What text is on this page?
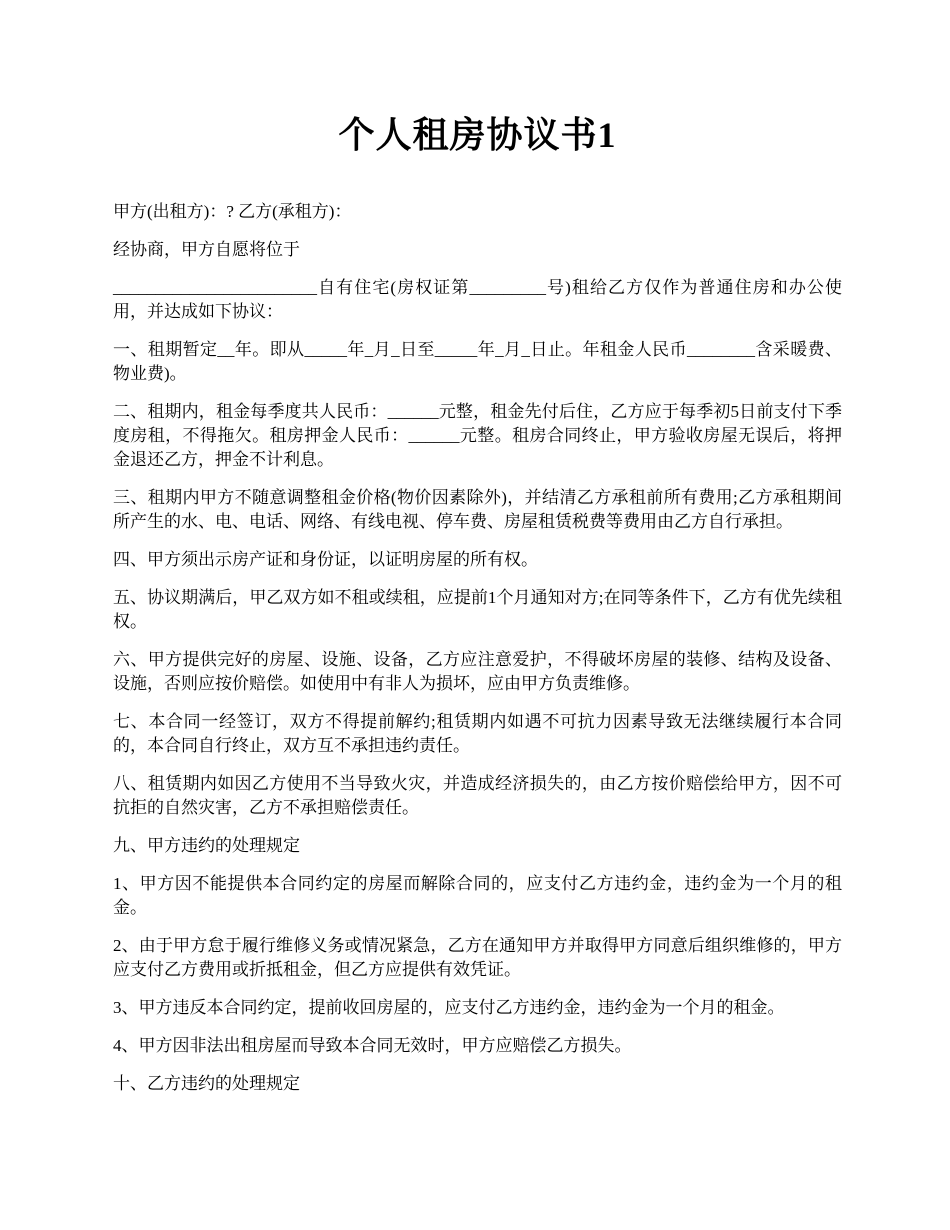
个人租房协议书1

甲方(出租方)：? 乙方(承租方)：

经协商，甲方自愿将位于

________________________自有住宅(房权证第_________号)租给乙方仅作为普通住房和办公使用，并达成如下协议：

一、租期暂定__年。即从_____年_月_日至_____年_月_日止。年租金人民币________含采暖费、物业费)。

二、租期内，租金每季度共人民币：______元整，租金先付后住，乙方应于每季初5日前支付下季度房租，不得拖欠。租房押金人民币：______元整。租房合同终止，甲方验收房屋无误后，将押金退还乙方，押金不计利息。

三、租期内甲方不随意调整租金价格(物价因素除外)，并结清乙方承租前所有费用;乙方承租期间所产生的水、电、电话、网络、有线电视、停车费、房屋租赁税费等费用由乙方自行承担。

四、甲方须出示房产证和身份证，以证明房屋的所有权。

五、协议期满后，甲乙双方如不租或续租，应提前1个月通知对方;在同等条件下，乙方有优先续租权。

六、甲方提供完好的房屋、设施、设备，乙方应注意爱护，不得破坏房屋的装修、结构及设备、设施，否则应按价赔偿。如使用中有非人为损坏，应由甲方负责维修。

七、本合同一经签订，双方不得提前解约;租赁期内如遇不可抗力因素导致无法继续履行本合同的，本合同自行终止，双方互不承担违约责任。

八、租赁期内如因乙方使用不当导致火灾，并造成经济损失的，由乙方按价赔偿给甲方，因不可抗拒的自然灾害，乙方不承担赔偿责任。

九、甲方违约的处理规定

1、甲方因不能提供本合同约定的房屋而解除合同的，应支付乙方违约金，违约金为一个月的租金。

2、由于甲方怠于履行维修义务或情况紧急，乙方在通知甲方并取得甲方同意后组织维修的，甲方应支付乙方费用或折抵租金，但乙方应提供有效凭证。

3、甲方违反本合同约定，提前收回房屋的，应支付乙方违约金，违约金为一个月的租金。

4、甲方因非法出租房屋而导致本合同无效时，甲方应赔偿乙方损失。

十、乙方违约的处理规定
